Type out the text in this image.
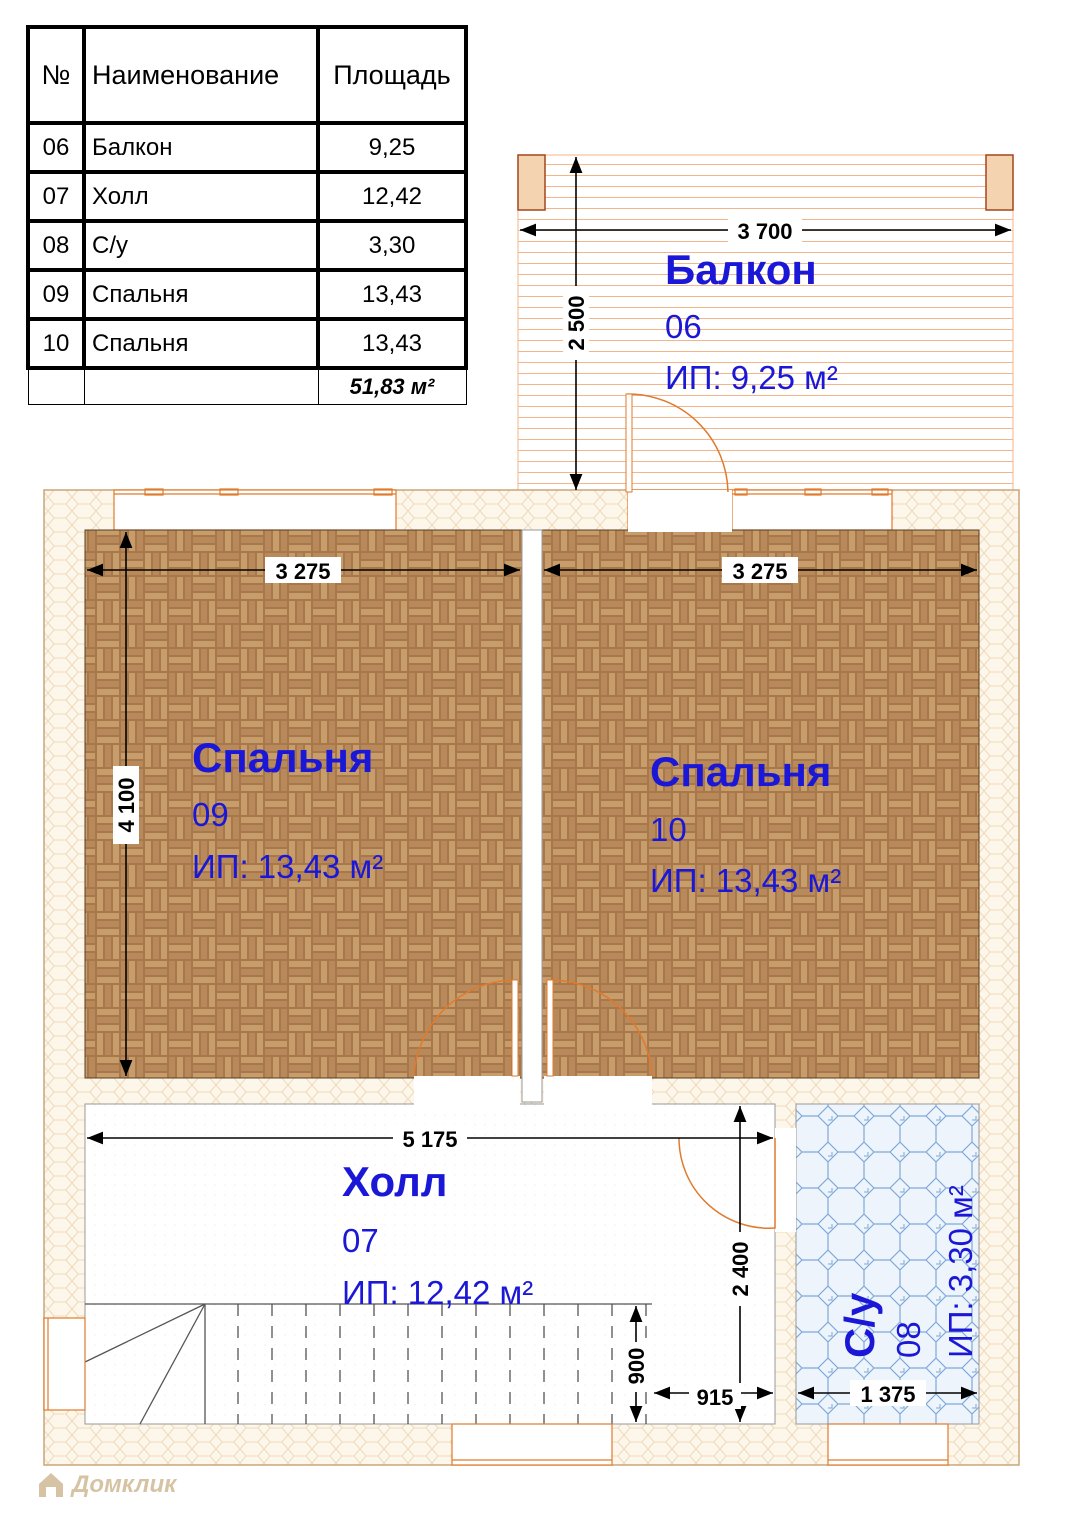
3 700
2 500
3 275	3 275
4 100
5 175
2 400
900
915	1 375
Балкон
06
ИП: 9,25 м²
Спальня
09
ИП: 13,43 м²
Спальня
10
ИП: 13,43 м²
Холл
07
ИП: 12,42 м²
С/у 08 ИП: 3,30 м²
№	Наименование	Площадь
06	Балкон	9,25
07	Холл	12,42
08	С/у	3,30
09	Спальня	13,43
10	Спальня	13,43
		51,83 м²
Домклик
